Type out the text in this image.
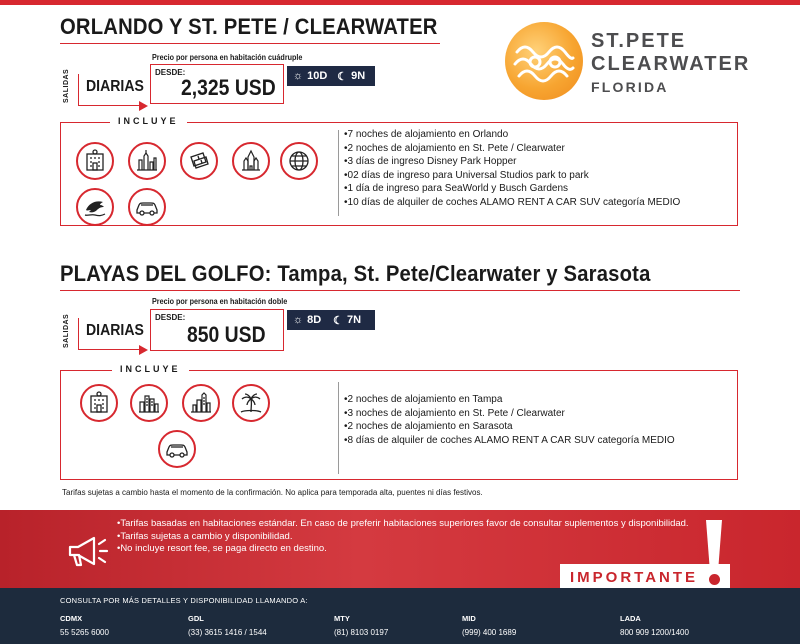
ORLANDO Y ST. PETE / CLEARWATER
ST.PETE
CLEARWATER
FLORIDA
SALIDAS DIARIAS
Precio por persona en habitación cuádruple
DESDE:
2,325 USD ☼ 10D ☾ 9N
INCLUYE
•7 noches de alojamiento en Orlando
•2 noches de alojamiento en St. Pete / Clearwater
•3 días de ingreso Disney Park Hopper
•02 días de ingreso para Universal Studios park to park
•1 día de ingreso para SeaWorld y Busch Gardens
•10 días de alquiler de coches ALAMO RENT A CAR SUV categoría MEDIO
PLAYAS DEL GOLFO: Tampa, St. Pete/Clearwater y Sarasota
SALIDAS DIARIAS
Precio por persona en habitación doble
DESDE:
850 USD
☼ 8D ☾ 7N
INCLUYE
•2 noches de alojamiento en Tampa
•3 noches de alojamiento en St. Pete / Clearwater
•2 noches de alojamiento en Sarasota
•8 días de alquiler de coches ALAMO RENT A CAR SUV categoría MEDIO
Tarifas sujetas a cambio hasta el momento de la confirmación. No aplica para temporada alta, puentes ni días festivos.
•Tarifas basadas en habitaciones estándar. En caso de preferir habitaciones superiores favor de consultar suplementos y disponibilidad.
•Tarifas sujetas a cambio y disponibilidad.
•No incluye resort fee, se paga directo en destino.
IMPORTANTE
CONSULTA POR MÁS DETALLES Y DISPONIBILIDAD LLAMANDO A:
CDMX
55 5265 6000
GDL
(33) 3615 1416 / 1544
MTY
(81) 8103 0197
MID
(999) 400 1689
LADA
800 909 1200/1400
